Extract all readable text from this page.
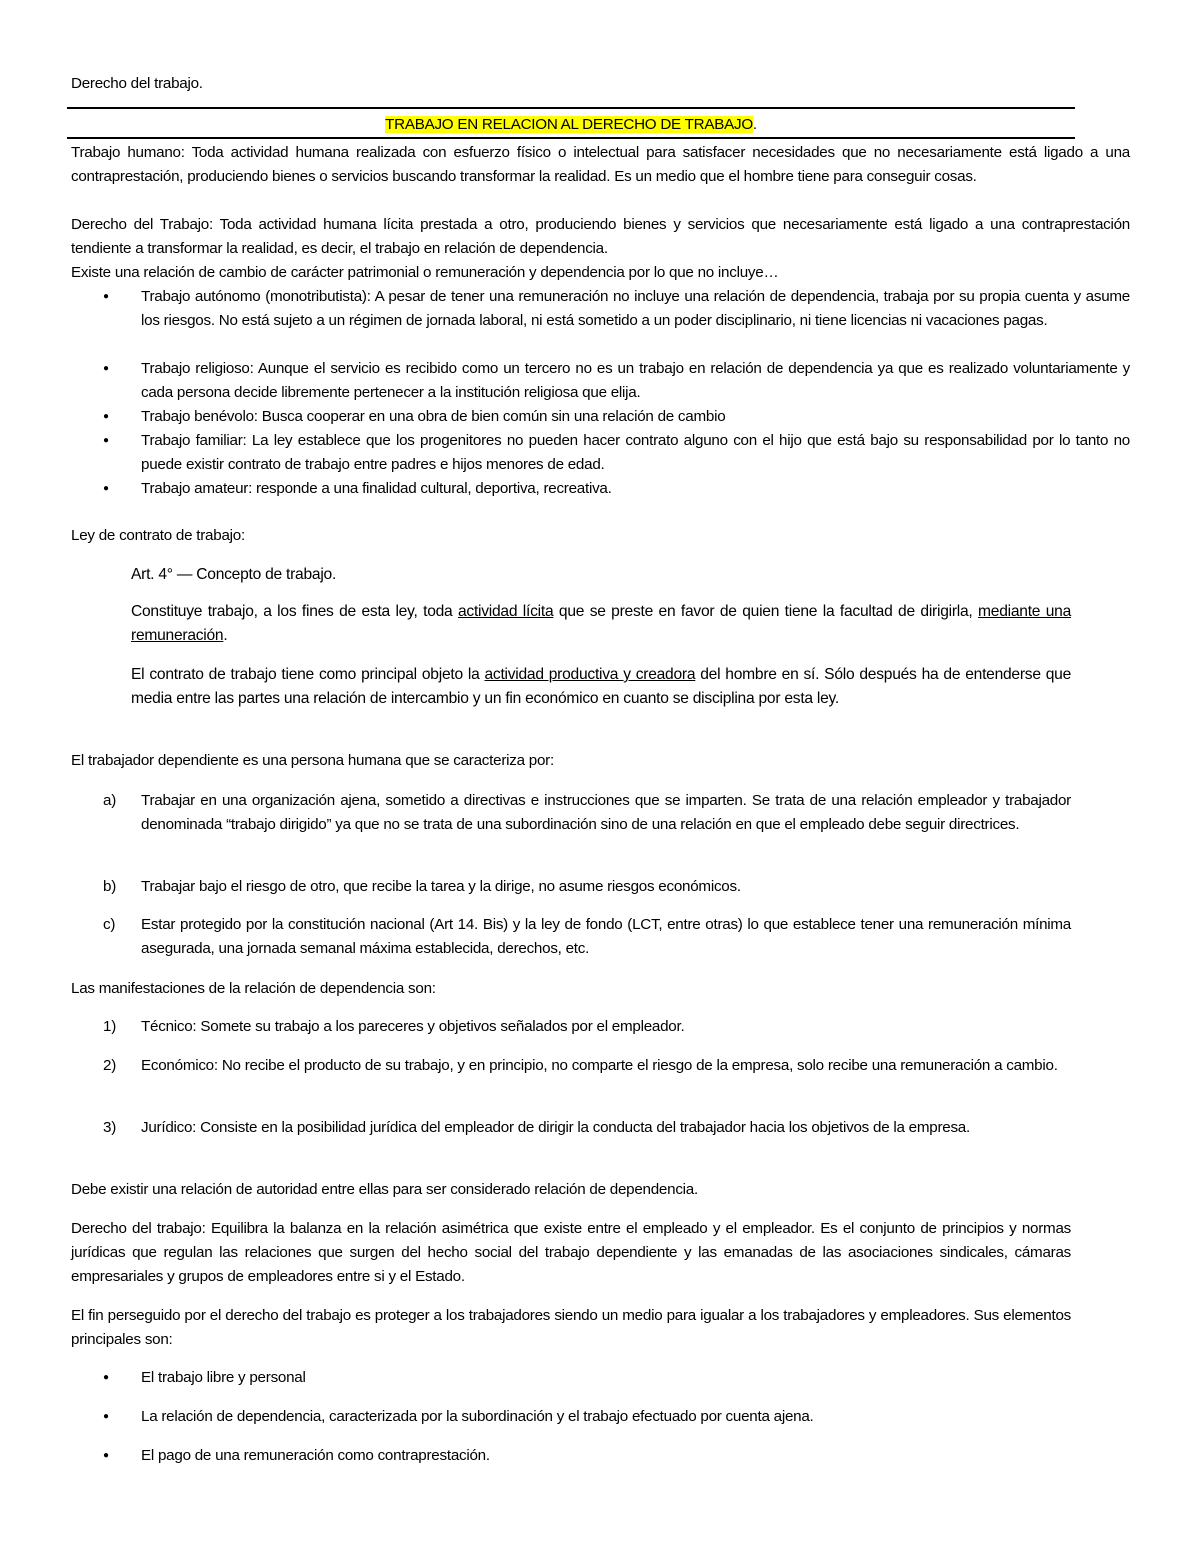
Derecho del trabajo.
TRABAJO EN RELACION AL DERECHO DE TRABAJO.
Trabajo humano: Toda actividad humana realizada con esfuerzo físico o intelectual para satisfacer necesidades que no necesariamente está ligado a una contraprestación, produciendo bienes o servicios buscando transformar la realidad. Es un medio que el hombre tiene para conseguir cosas.
Derecho del Trabajo: Toda actividad humana lícita prestada a otro, produciendo bienes y servicios que necesariamente está ligado a una contraprestación tendiente a transformar la realidad, es decir, el trabajo en relación de dependencia.
Existe una relación de cambio de carácter patrimonial o remuneración y dependencia por lo que no incluye…
● Trabajo autónomo (monotributista): A pesar de tener una remuneración no incluye una relación de dependencia, trabaja por su propia cuenta y asume los riesgos. No está sujeto a un régimen de jornada laboral, ni está sometido a un poder disciplinario, ni tiene licencias ni vacaciones pagas.
● Trabajo religioso: Aunque el servicio es recibido como un tercero no es un trabajo en relación de dependencia ya que es realizado voluntariamente y cada persona decide libremente pertenecer a la institución religiosa que elija.
● Trabajo benévolo: Busca cooperar en una obra de bien común sin una relación de cambio
● Trabajo familiar: La ley establece que los progenitores no pueden hacer contrato alguno con el hijo que está bajo su responsabilidad por lo tanto no puede existir contrato de trabajo entre padres e hijos menores de edad.
● Trabajo amateur: responde a una finalidad cultural, deportiva, recreativa.
Ley de contrato de trabajo:
Art. 4° — Concepto de trabajo.
Constituye trabajo, a los fines de esta ley, toda actividad lícita que se preste en favor de quien tiene la facultad de dirigirla, mediante una remuneración.
El contrato de trabajo tiene como principal objeto la actividad productiva y creadora del hombre en sí. Sólo después ha de entenderse que media entre las partes una relación de intercambio y un fin económico en cuanto se disciplina por esta ley.
El trabajador dependiente es una persona humana que se caracteriza por:
a) Trabajar en una organización ajena, sometido a directivas e instrucciones que se imparten. Se trata de una relación empleador y trabajador denominada “trabajo dirigido” ya que no se trata de una subordinación sino de una relación en que el empleado debe seguir directrices.
b) Trabajar bajo el riesgo de otro, que recibe la tarea y la dirige, no asume riesgos económicos.
c) Estar protegido por la constitución nacional (Art 14. Bis) y la ley de fondo (LCT, entre otras) lo que establece tener una remuneración mínima asegurada, una jornada semanal máxima establecida, derechos, etc.
Las manifestaciones de la relación de dependencia son:
1) Técnico: Somete su trabajo a los pareceres y objetivos señalados por el empleador.
2) Económico: No recibe el producto de su trabajo, y en principio, no comparte el riesgo de la empresa, solo recibe una remuneración a cambio.
3) Jurídico: Consiste en la posibilidad jurídica del empleador de dirigir la conducta del trabajador hacia los objetivos de la empresa.
Debe existir una relación de autoridad entre ellas para ser considerado relación de dependencia.
Derecho del trabajo: Equilibra la balanza en la relación asimétrica que existe entre el empleado y el empleador. Es el conjunto de principios y normas jurídicas que regulan las relaciones que surgen del hecho social del trabajo dependiente y las emanadas de las asociaciones sindicales, cámaras empresariales y grupos de empleadores entre si y el Estado.
El fin perseguido por el derecho del trabajo es proteger a los trabajadores siendo un medio para igualar a los trabajadores y empleadores. Sus elementos principales son:
● El trabajo libre y personal
● La relación de dependencia, caracterizada por la subordinación y el trabajo efectuado por cuenta ajena.
● El pago de una remuneración como contraprestación.
